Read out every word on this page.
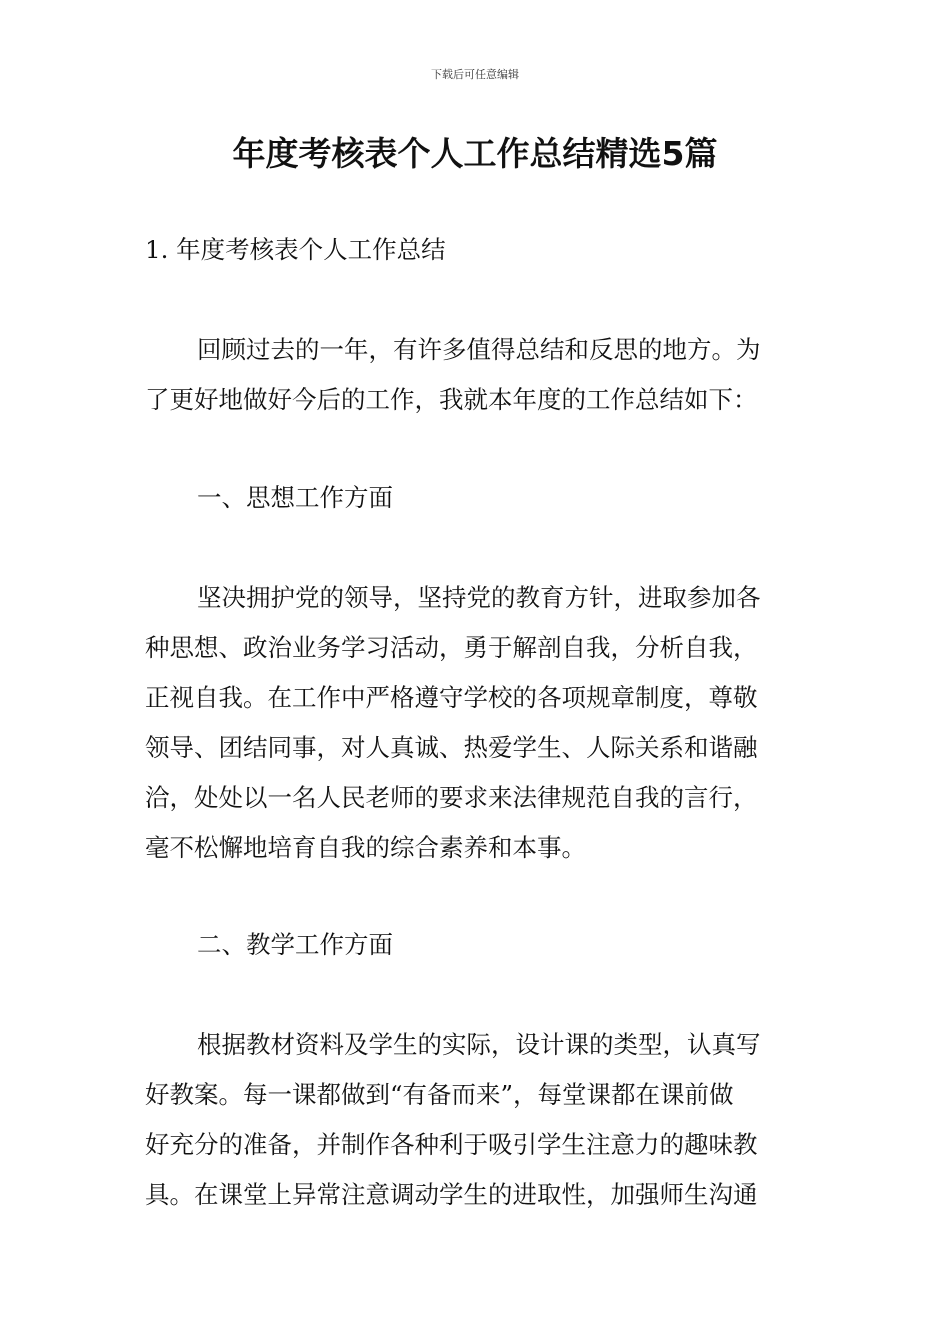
下载后可任意编辑
年度考核表个人工作总结精选5篇

1. 年度考核表个人工作总结

回顾过去的一年，有许多值得总结和反思的地方。为
了更好地做好今后的工作，我就本年度的工作总结如下：
一、思想工作方面
坚决拥护党的领导，坚持党的教育方针，进取参加各
种思想、政治业务学习活动，勇于解剖自我，分析自我，
正视自我。在工作中严格遵守学校的各项规章制度，尊敬
领导、团结同事，对人真诚、热爱学生、人际关系和谐融
洽，处处以一名人民老师的要求来法律规范自我的言行，
毫不松懈地培育自我的综合素养和本事。
二、教学工作方面
根据教材资料及学生的实际，设计课的类型，认真写
好教案。每一课都做到“有备而来”，每堂课都在课前做
好充分的准备，并制作各种利于吸引学生注意力的趣味教
具。在课堂上异常注意调动学生的进取性，加强师生沟通
